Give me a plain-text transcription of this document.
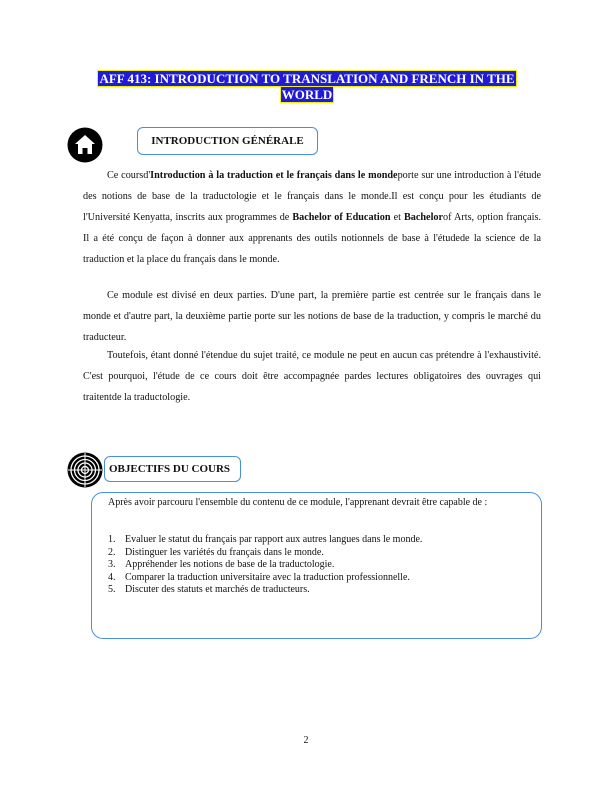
AFF 413: INTRODUCTION TO TRANSLATION AND FRENCH IN THE
WORLD
INTRODUCTION GÉNÉRALE

Ce coursd'Introduction à la traduction et le français dans le mondeporte sur une introduction à l'étude des notions de base de la traductologie et le français dans le monde.Il est conçu pour les étudiants de l'Université Kenyatta, inscrits aux programmes de Bachelor of Education et Bachelorof Arts, option français. Il a été conçu de façon à donner aux apprenants des outils notionnels de base à l'étudede la science de la traduction et la place du français dans le monde.

Ce module est divisé en deux parties. D'une part, la première partie est centrée sur le français dans le monde et d'autre part, la deuxième partie porte sur les notions de base de la traduction, y compris le marché du traducteur.

Toutefois, étant donné l'étendue du sujet traité, ce module ne peut en aucun cas prétendre à l'exhaustivité. C'est pourquoi, l'étude de ce cours doit être accompagnée pardes lectures obligatoires des ouvrages qui traitentde la traductologie.

OBJECTIFS DU COURS

Après avoir parcouru l'ensemble du contenu de ce module, l'apprenant devrait être capable de :

1. Evaluer le statut du français par rapport aux autres langues dans le monde.
2. Distinguer les variétés du français dans le monde.
3. Appréhender les notions de base de la traductologie.
4. Comparer la traduction universitaire avec la traduction professionnelle.
5. Discuter des statuts et marchés de traducteurs.
2
